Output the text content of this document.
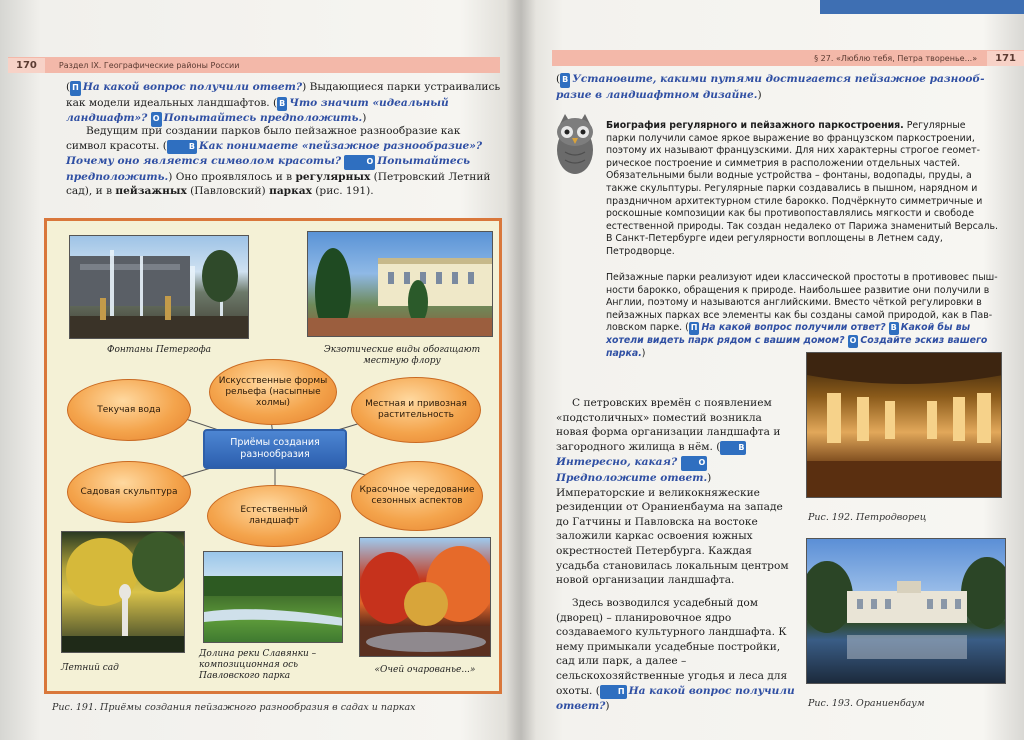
170	Раздел IX. Географические районы России
( П На какой вопрос получили ответ?) Выдающиеся парки устраивались как модели идеальных ландшафтов. ( В Что значит «идеальный ландшафт»? О Попытайтесь предположить.)
Ведущим при создании парков было пейзажное разнообразие как символ красоты. (	В Как понимаете «пейзажное разнообразие»? Почему оно является символом красоты?	О Попытайтесь предположить.) Оно проявлялось и в регулярных (Петровский Летний сад), и в пейзажных (Павловский) парках (рис. 191).
Фонтаны Петергофа	Экзотические виды обогащают местную флору
Искусственные формы рельефа (насыпные холмы)
Текучая вода
Местная и привозная растительность
Приёмы создания разнообразия
Садовая скульптура
Естественный ландшафт
Красочное чередование сезонных аспектов
Летний сад
Долина реки Славянки – композиционная ось Павловского парка
«Очей очарованье...»
Рис. 191. Приёмы создания пейзажного разнообразия в садах и парках
§ 27. «Люблю тебя, Петра творенье...»	171
( В Установите, какими путями достигается пейзажное разнообразие в ландшафтном дизайне.)
Биография регулярного и пейзажного паркостроения. Регулярные парки получили самое яркое выражение во французском паркостроении, поэтому их называют французскими. Для них характерны строгое геометрическое построение и симметрия в расположении отдельных частей. Обязательными были водные устройства – фонтаны, водопады, пруды, а также скульптуры. Регулярные парки создавались в пышном, нарядном и праздничном архитектурном стиле барокко. Подчёркнуто симметричные и роскошные композиции как бы противопоставлялись мягкости и свободе естественной природы. Так создан недалеко от Парижа знаменитый Версаль. В Санкт-Петербурге идеи регулярности воплощены в Летнем саду, Петродворце.
Пейзажные парки реализуют идеи классической простоты в противовес пышности барокко, обращения к природе. Наибольшее развитие они получили в Англии, поэтому и называются английскими. Вместо чёткой регулировки в пейзажных парках все элементы как бы созданы самой природой, как в Павловском парке. ( П На какой вопрос получили ответ? В Какой бы вы хотели видеть парк рядом с вашим домом? О Создайте эскиз вашего парка.)
С петровских времён с появлением «подстоличных» поместий возникла новая форма организации ландшафта и загородного жилища в нём. ( ВИнтересно, какая?	ОПредположите ответ.) Императорские и великокняжеские резиденции от Ораниенбаума на западе до Гатчины и Павловска на востоке заложили каркас освоения южных окрестностей Петербурга. Каждая усадьба становилась локальным центром новой организации ландшафта.
Здесь возводился усадебный дом (дворец) – планировочное ядро создаваемого культурного ландшафта. К нему примыкали усадебные постройки, сад или парк, а далее – сельскохозяйственные угодья и леса для охоты. ( П На какой вопрос получили ответ?)
Рис. 192. Петродворец
Рис. 193. Ораниенбаум
